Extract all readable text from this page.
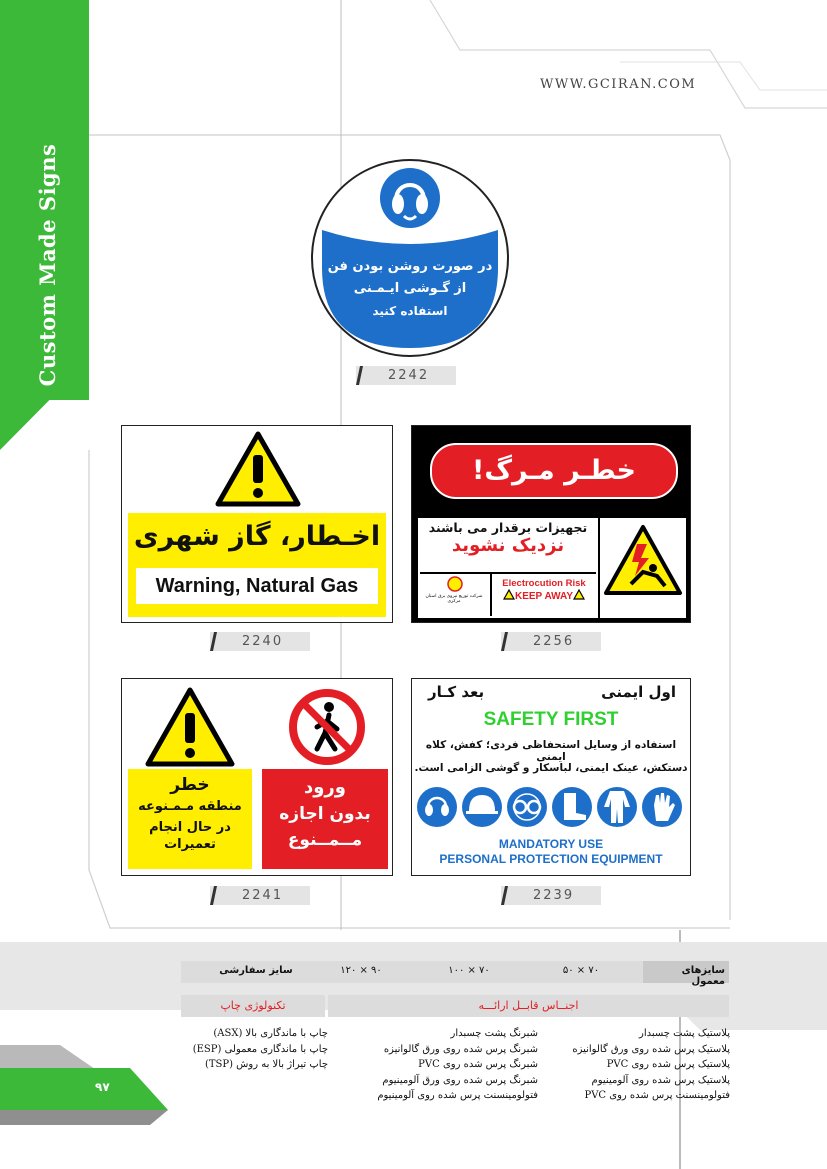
Custom Made Signs
WWW.GCIRAN.COM
در صورت روشن بودن فن
از گـوشی ایـمـنی
استفاده کنید
2242
اخـطار، گاز شهری
Warning, Natural Gas
2240
خطـر مـرگ!
تجهیزات برقدار می باشند
نزدیک نشوید
شرکت توزیع نیروی برق استان مرکزی
Electrocution Risk
KEEP AWAY
2256
خطر
منطقه مـمـنوعه
در حال انجام
تعمیرات
ورود
بدون اجازه
مــمــنوع
2241
اول ایمنی
بعد کـار
SAFETY FIRST
استفاده از وسایل استحفاظی فردی؛ کفش، کلاه ایمنی
دستکش، عینک ایمنی، لباسکار و گوشی الزامی است.
MANDATORY USE
PERSONAL PROTECTION EQUIPMENT
2239
سایزهای معمول
۵۰ × ۷۰
۱۰۰ × ۷۰
۱۲۰ × ۹۰
سایز سفارشی
اجنــاس قابــل ارائـــه
تکنولوژی چاپ
پلاستیک پشت چسبدار
پلاستیک پرس شده روی ورق گالوانیزه
پلاستیک پرس شده روی PVC
پلاستیک پرس شده روی آلومینیوم
فتولومینسنت پرس شده روی PVC
شبرنگ پشت چسبدار
شبرنگ پرس شده روی ورق گالوانیزه
شبرنگ پرس شده روی PVC
شبرنگ پرس شده روی ورق آلومینیوم
فتولومینسنت پرس شده روی آلومینیوم
چاپ با ماندگاری بالا (ASX)
چاپ با ماندگاری معمولی (ESP)
چاپ تیراژ بالا به روش (TSP)
۹۷
